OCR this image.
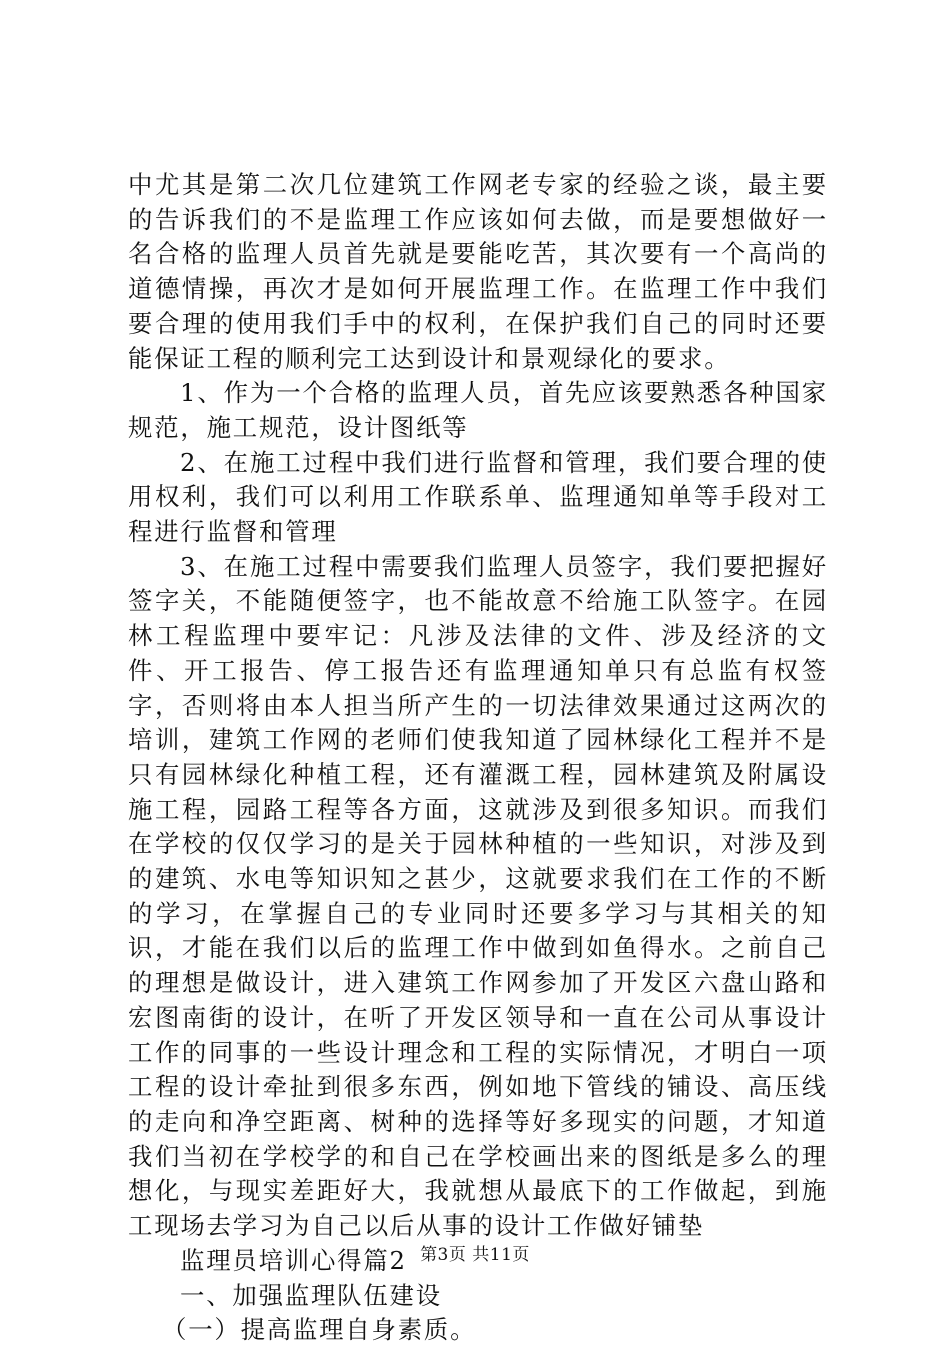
中尤其是第二次几位建筑工作网老专家的经验之谈，最主要的告诉我们的不是监理工作应该如何去做，而是要想做好一名合格的监理人员首先就是要能吃苦，其次要有一个高尚的道德情操，再次才是如何开展监理工作。在监理工作中我们要合理的使用我们手中的权利，在保护我们自己的同时还要能保证工程的顺利完工达到设计和景观绿化的要求。

1、作为一个合格的监理人员，首先应该要熟悉各种国家规范，施工规范，设计图纸等

2、在施工过程中我们进行监督和管理，我们要合理的使用权利，我们可以利用工作联系单、监理通知单等手段对工程进行监督和管理

3、在施工过程中需要我们监理人员签字，我们要把握好签字关，不能随便签字，也不能故意不给施工队签字。在园林工程监理中要牢记：凡涉及法律的文件、涉及经济的文件、开工报告、停工报告还有监理通知单只有总监有权签字，否则将由本人担当所产生的一切法律效果通过这两次的培训，建筑工作网的老师们使我知道了园林绿化工程并不是只有园林绿化种植工程，还有灌溉工程，园林建筑及附属设施工程，园路工程等各方面，这就涉及到很多知识。而我们在学校的仅仅学习的是关于园林种植的一些知识，对涉及到的建筑、水电等知识知之甚少，这就要求我们在工作的不断的学习，在掌握自己的专业同时还要多学习与其相关的知识，才能在我们以后的监理工作中做到如鱼得水。之前自己的理想是做设计，进入建筑工作网参加了开发区六盘山路和宏图南街的设计，在听了开发区领导和一直在公司从事设计工作的同事的一些设计理念和工程的实际情况，才明白一项工程的设计牵扯到很多东西，例如地下管线的铺设、高压线的走向和净空距离、树种的选择等好多现实的问题，才知道我们当初在学校学的和自己在学校画出来的图纸是多么的理想化，与现实差距好大，我就想从最底下的工作做起，到施工现场去学习为自己以后从事的设计工作做好铺垫

监理员培训心得篇2

一、加强监理队伍建设

（一）提高监理自身素质。

第3页 共11页
